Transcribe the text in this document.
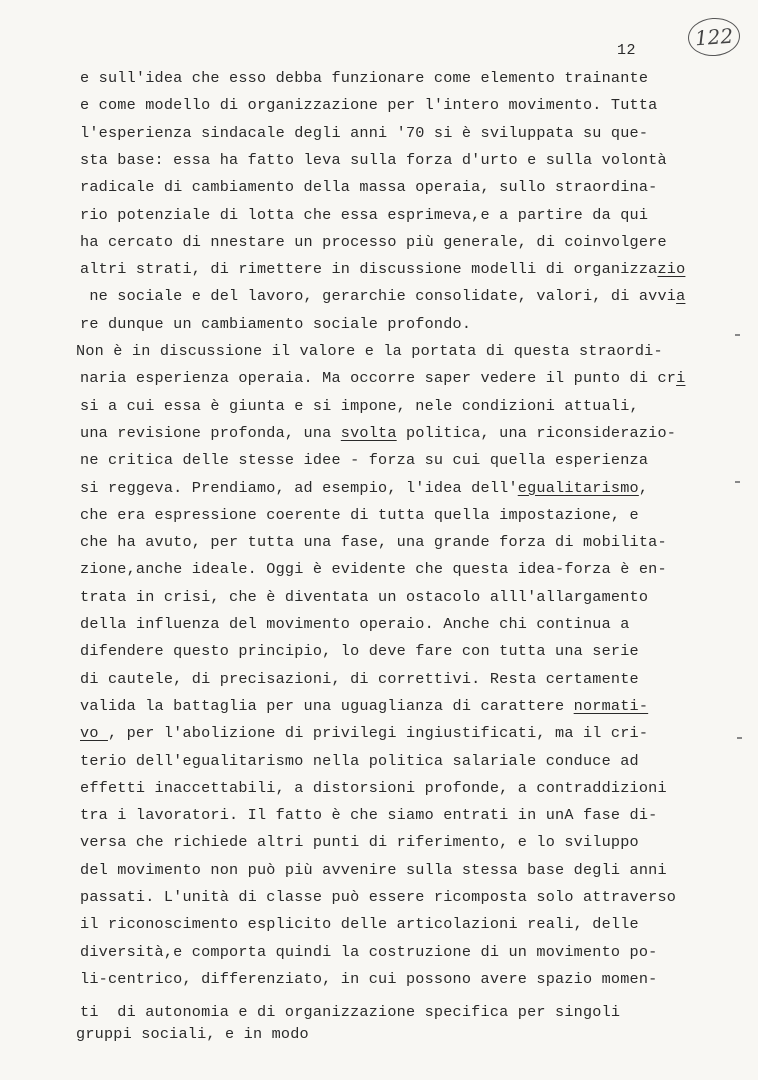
12
122
e sull'idea che esso debba funzionare come elemento trainante
e come modello di organizzazione per l'intero movimento. Tutta
l'esperienza sindacale degli anni '70 si è sviluppata su que-
sta base: essa ha fatto leva sulla forza d'urto e sulla volontà
radicale di cambiamento della massa operaia, sullo straordina-
rio potenziale di lotta che essa esprimeva,e a partire da qui
ha cercato di nnestare un processo più generale, di coinvolgere
altri strati, di rimettere in discussione modelli di organizzazio
ne sociale e del lavoro, gerarchie consolidate, valori, di avvia
re dunque un cambiamento sociale profondo.
Non è in discussione il valore e la portata di questa straordi-
naria esperienza operaia. Ma occorre saper vedere il punto di cri
si a cui essa è giunta e si impone, nele condizioni attuali,
una revisione profonda, una svolta politica, una riconsiderazio-
ne critica delle stesse idee - forza su cui quella esperienza
si reggeva. Prendiamo, ad esempio, l'idea dell'egualitarismo,
che era espressione coerente di tutta quella impostazione, e
che ha avuto, per tutta una fase, una grande forza di mobilita-
zione,anche ideale. Oggi è evidente che questa idea-forza è en-
trata in crisi, che è diventata un ostacolo alll'allargamento
della influenza del movimento operaio. Anche chi continua a
difendere questo principio, lo deve fare con tutta una serie
di cautele, di precisazioni, di correttivi. Resta certamente
valida la battaglia per una uguaglianza di carattere normati-
vo , per l'abolizione di privilegi ingiustificati, ma il cri-
terio dell'egualitarismo nella politica salariale conduce ad
effetti inaccettabili, a distorsioni profonde, a contraddizioni
tra i lavoratori. Il fatto è che siamo entrati in unA fase di-
versa che richiede altri punti di riferimento, e lo sviluppo
del movimento non può più avvenire sulla stessa base degli anni
passati. L'unità di classe può essere ricomposta solo attraverso
il riconoscimento esplicito delle articolazioni reali, delle
diversità,e comporta quindi la costruzione di un movimento po-
li-centrico, differenziato, in cui possono avere spazio momen-
ti  di autonomia e di organizzazione specifica per singoli
gruppi sociali, e in modo
